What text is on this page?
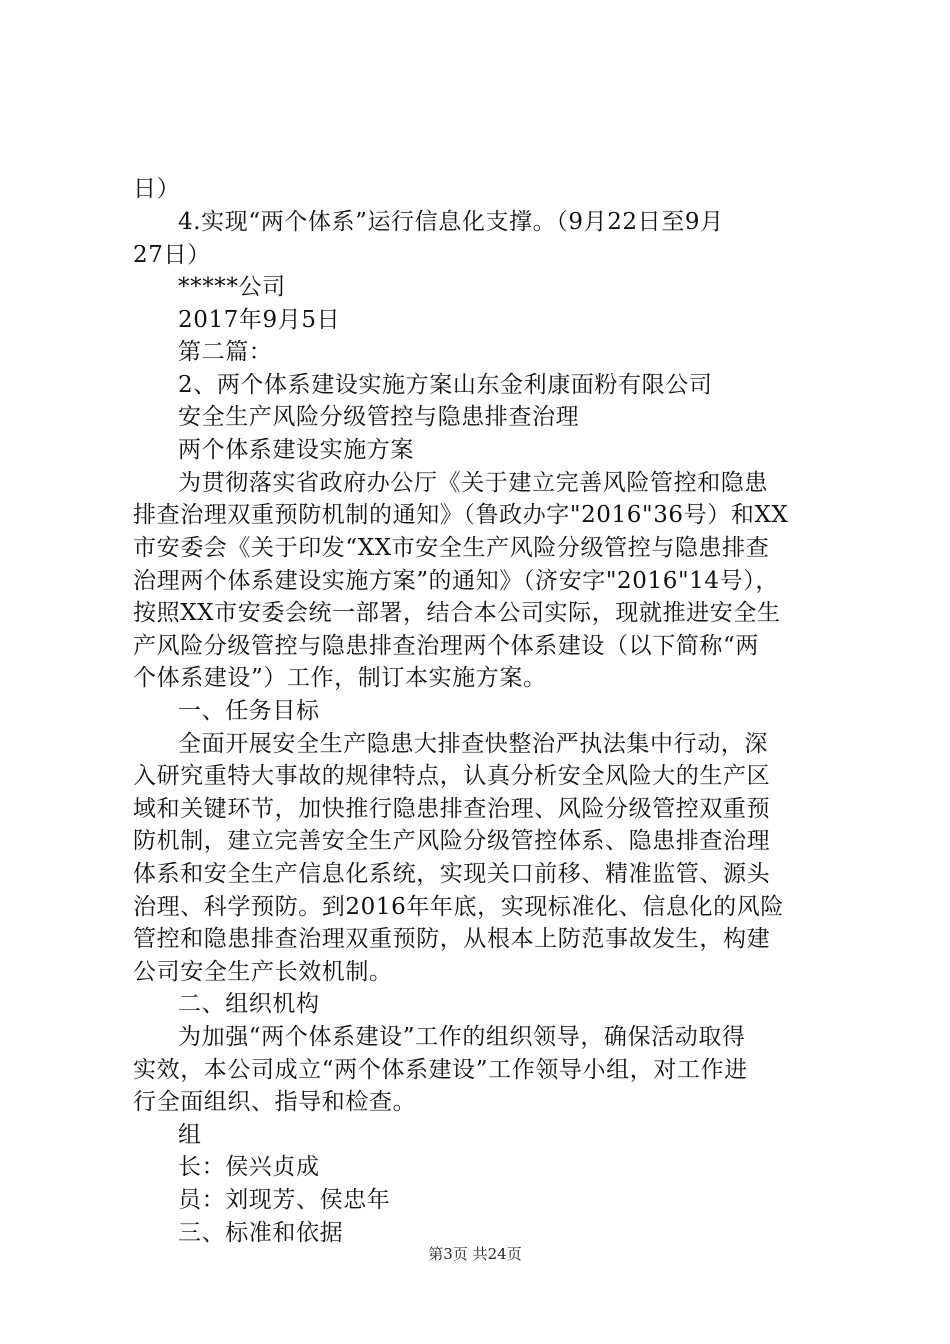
日）
4.实现“两个体系”运行信息化支撑。（9月22日至9月
27日）
*****公司
2017年9月5日
第二篇：
2、两个体系建设实施方案山东金利康面粉有限公司
安全生产风险分级管控与隐患排查治理
两个体系建设实施方案
为贯彻落实省政府办公厅《关于建立完善风险管控和隐患
排查治理双重预防机制的通知》（鲁政办字"2016"36号）和XX
市安委会《关于印发“XX市安全生产风险分级管控与隐患排查
治理两个体系建设实施方案”的通知》（济安字"2016"14号），
按照XX市安委会统一部署，结合本公司实际，现就推进安全生
产风险分级管控与隐患排查治理两个体系建设（以下简称“两
个体系建设”）工作，制订本实施方案。
一、任务目标
全面开展安全生产隐患大排查快整治严执法集中行动，深
入研究重特大事故的规律特点，认真分析安全风险大的生产区
域和关键环节，加快推行隐患排查治理、风险分级管控双重预
防机制，建立完善安全生产风险分级管控体系、隐患排查治理
体系和安全生产信息化系统，实现关口前移、精准监管、源头
治理、科学预防。到2016年年底，实现标准化、信息化的风险
管控和隐患排查治理双重预防，从根本上防范事故发生，构建
公司安全生产长效机制。
二、组织机构
为加强“两个体系建设”工作的组织领导，确保活动取得
实效，本公司成立“两个体系建设”工作领导小组，对工作进
行全面组织、指导和检查。
组
长：侯兴贞成
员：刘现芳、侯忠年
三、标准和依据
第3页 共24页
